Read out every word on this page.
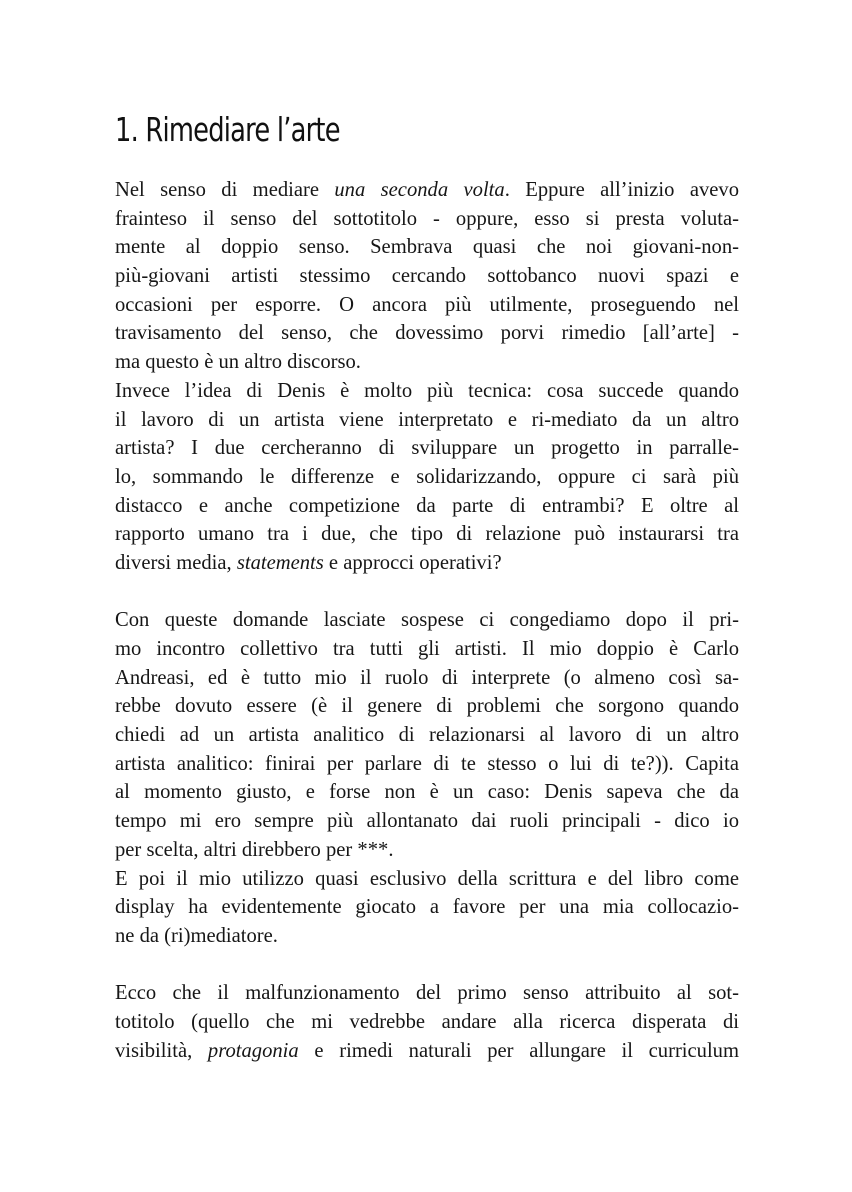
1. Rimediare l’arte
Nel senso di mediare una seconda volta. Eppure all’inizio avevo
frainteso il senso del sottotitolo - oppure, esso si presta voluta-
mente al doppio senso. Sembrava quasi che noi giovani-non-
più-giovani artisti stessimo cercando sottobanco nuovi spazi e
occasioni per esporre. O ancora più utilmente, proseguendo nel
travisamento del senso, che dovessimo porvi rimedio [all’arte] -
ma questo è un altro discorso.
Invece l’idea di Denis è molto più tecnica: cosa succede quando
il lavoro di un artista viene interpretato e ri-mediato da un altro
artista? I due cercheranno di sviluppare un progetto in parralle-
lo, sommando le differenze e solidarizzando, oppure ci sarà più
distacco e anche competizione da parte di entrambi? E oltre al
rapporto umano tra i due, che tipo di relazione può instaurarsi tra
diversi media, statements e approcci operativi?
Con queste domande lasciate sospese ci congediamo dopo il pri-
mo incontro collettivo tra tutti gli artisti. Il mio doppio è Carlo
Andreasi, ed è tutto mio il ruolo di interprete (o almeno così sa-
rebbe dovuto essere (è il genere di problemi che sorgono quando
chiedi ad un artista analitico di relazionarsi al lavoro di un altro
artista analitico: finirai per parlare di te stesso o lui di te?)). Capita
al momento giusto, e forse non è un caso: Denis sapeva che da
tempo mi ero sempre più allontanato dai ruoli principali - dico io
per scelta, altri direbbero per ***.
E poi il mio utilizzo quasi esclusivo della scrittura e del libro come
display ha evidentemente giocato a favore per una mia collocazio-
ne da (ri)mediatore.
Ecco che il malfunzionamento del primo senso attribuito al sot-
totitolo (quello che mi vedrebbe andare alla ricerca disperata di
visibilità, protagonia e rimedi naturali per allungare il curriculum
